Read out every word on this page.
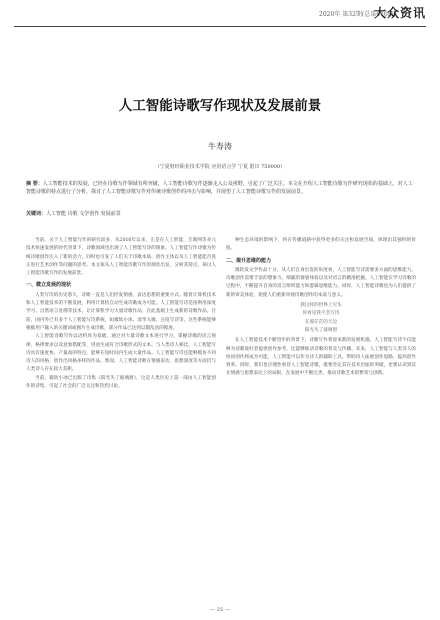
2020年 第32期(总第676期)
大众资讯
人工智能诗歌写作现状及发展前景
牛寿涛
（宁夏财经职业技术学院 应用语言学 宁夏 银川 750000）
摘 要：人工智能技术的发展，已经在诗歌写作领域有所突破，人工智能诗歌写作逐渐走入公众视野，引起了广泛关注。本文在介绍人工智能诗歌写作研究现状的基础上，对人工智能诗歌的特点进行了分析，探讨了人工智能诗歌写作对传统诗歌创作的冲击与影响，并展望了人工智能诗歌写作的发展前景。
关键词：人工智能 诗歌 文学创作 发展前景

当前，关于人工智能写作的研究较多，从2016年以来，正是在人工智能、互联网等多元技术快速发展的时代背景下，诗歌领域也出现了人工智能写诗的现象。人工智能写作诗歌为传统诗歌创作注入了新的活力，同时也引发了人们关于诗歌本质、创作主体以及人工智能能否真正进行艺术创作等问题的思考。本文拟从人工智能诗歌写作的现状出发，分析其特点，探讨人工智能诗歌写作的发展前景。

一、微立发展的现状

人类写诗的历史悠久，诗歌一直是人们抒发情感、表达思想的重要方式。随着计算机技术和人工智能技术的不断发展，利用计算机自动生成诗歌成为可能。人工智能写诗是指利用深度学习、自然语言处理等技术，让计算机学习大量诗歌作品，在此基础上生成新的诗歌作品。目前，国内外已有多个人工智能写诗系统，如微软小冰、清华九歌、百度写诗等，这些系统能够根据用户输入的关键词或图片生成诗歌，部分作品已达到以假乱真的程度。

人工智能诗歌写作以语料库为基础，通过对大量诗歌文本进行学习，掌握诗歌的语言规律、格律要求以及意象搭配等，进而生成符合诗歌形式的文本。与人类诗人相比，人工智能写诗具有速度快、产量高的特点，能够在短时间内生成大量作品。人工智能写诗还能够模仿不同诗人的风格，创作出风格多样的作品。然而，人工智能诗歌在情感表达、思想深度等方面仍与人类诗人存在较大差距。

当前，微软小冰已出版了诗集《阳光失了玻璃窗》，这是人类历史上第一部由人工智能创作的诗集，引起了社会的广泛关注和热烈讨论。

种生态环境的影响下，将在传播道路中获得更多的关注和发展空间，体现出其独特的价值。

二、提升思维的能力

微软发文学作品十分，从人们自身出发的角度看，人工智能写诗需要多方面的思维能力。诗歌创作需要丰富的想象力、细腻的情感体验以及对语言的精准把握。人工智能在学习诗歌的过程中，不断提升自身的语言组织能力和逻辑思维能力。同时，人工智能诗歌也为人们提供了新的审美体验，促使人们重新审视诗歌创作的本质与意义。

我这样的世界上尽头
你看见我不会写诗
在那茫茫的天边
阳光失了玻璃窗

在人工智能技术不断进步的背景下，诗歌写作将迎来新的发展机遇。人工智能写诗不仅能够为诗歌爱好者提供创作参考，还能够推动诗歌的普及与传播。未来，人工智能与人类诗人的协同创作将成为可能，人工智能可以作为诗人的辅助工具，帮助诗人拓展创作思路，提高创作效率。同时，我们也应理性看待人工智能诗歌，既要肯定其在技术层面的突破，也要认识到其在情感与思想表达上的局限，在发展中不断完善，推动诗歌艺术的繁荣与创新。

— 25 —
